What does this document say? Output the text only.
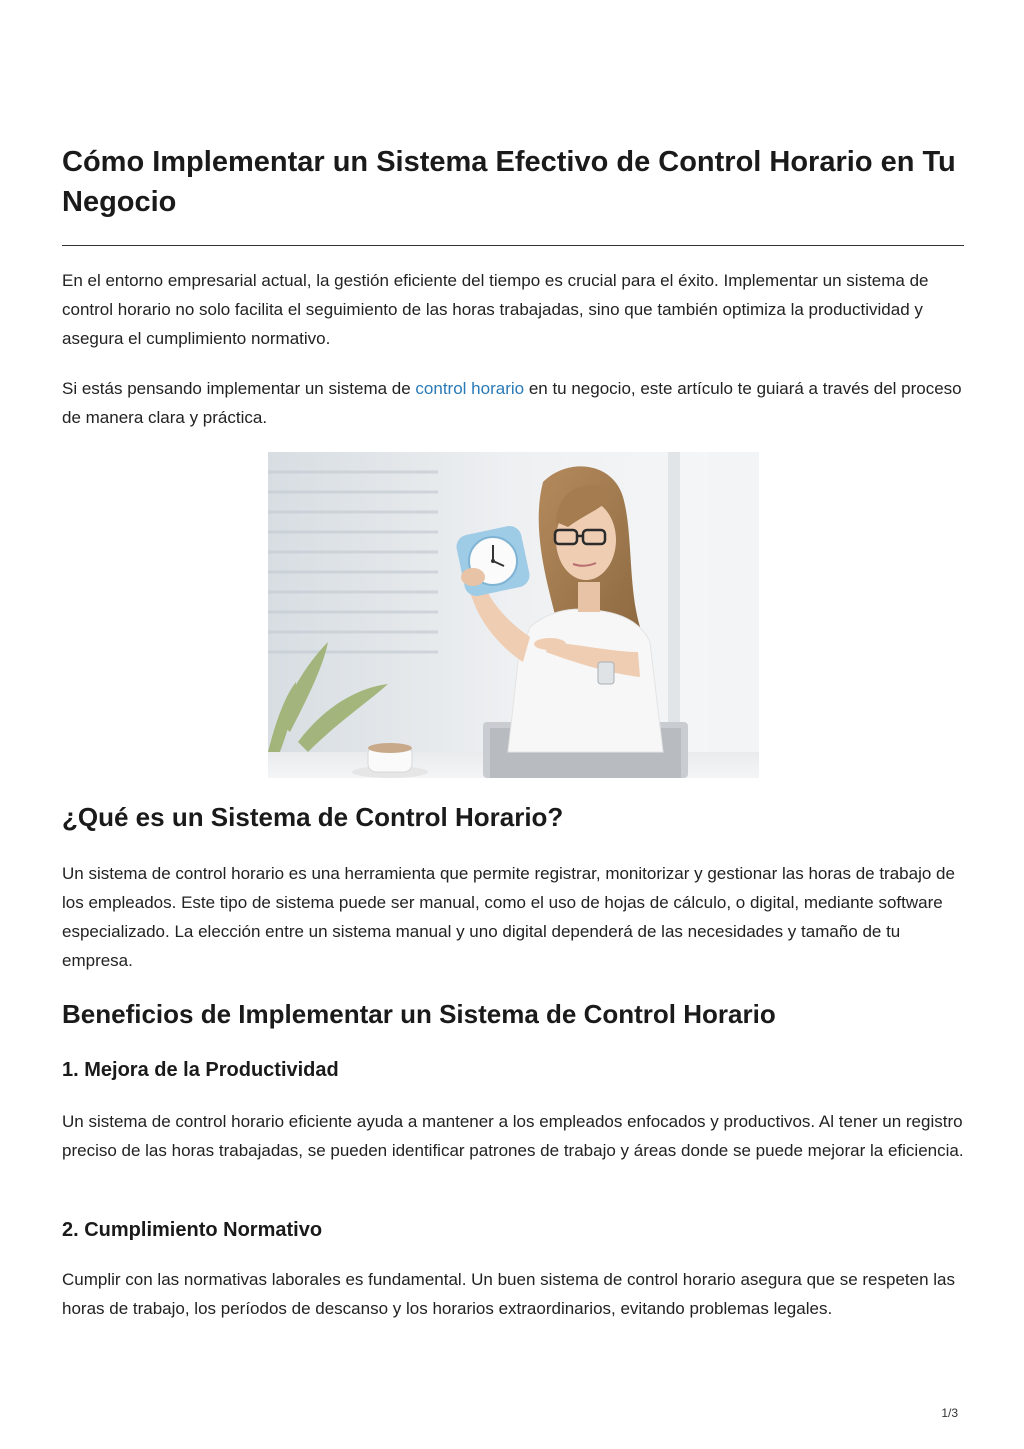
Cómo Implementar un Sistema Efectivo de Control Horario en Tu Negocio

En el entorno empresarial actual, la gestión eficiente del tiempo es crucial para el éxito. Implementar un sistema de control horario no solo facilita el seguimiento de las horas trabajadas, sino que también optimiza la productividad y asegura el cumplimiento normativo.

Si estás pensando implementar un sistema de control horario en tu negocio, este artículo te guiará a través del proceso de manera clara y práctica.

¿Qué es un Sistema de Control Horario?

Un sistema de control horario es una herramienta que permite registrar, monitorizar y gestionar las horas de trabajo de los empleados. Este tipo de sistema puede ser manual, como el uso de hojas de cálculo, o digital, mediante software especializado. La elección entre un sistema manual y uno digital dependerá de las necesidades y tamaño de tu empresa.

Beneficios de Implementar un Sistema de Control Horario
1. Mejora de la Productividad

Un sistema de control horario eficiente ayuda a mantener a los empleados enfocados y productivos. Al tener un registro preciso de las horas trabajadas, se pueden identificar patrones de trabajo y áreas donde se puede mejorar la eficiencia.

2. Cumplimiento Normativo

Cumplir con las normativas laborales es fundamental. Un buen sistema de control horario asegura que se respeten las horas de trabajo, los períodos de descanso y los horarios extraordinarios, evitando problemas legales.

1/3
